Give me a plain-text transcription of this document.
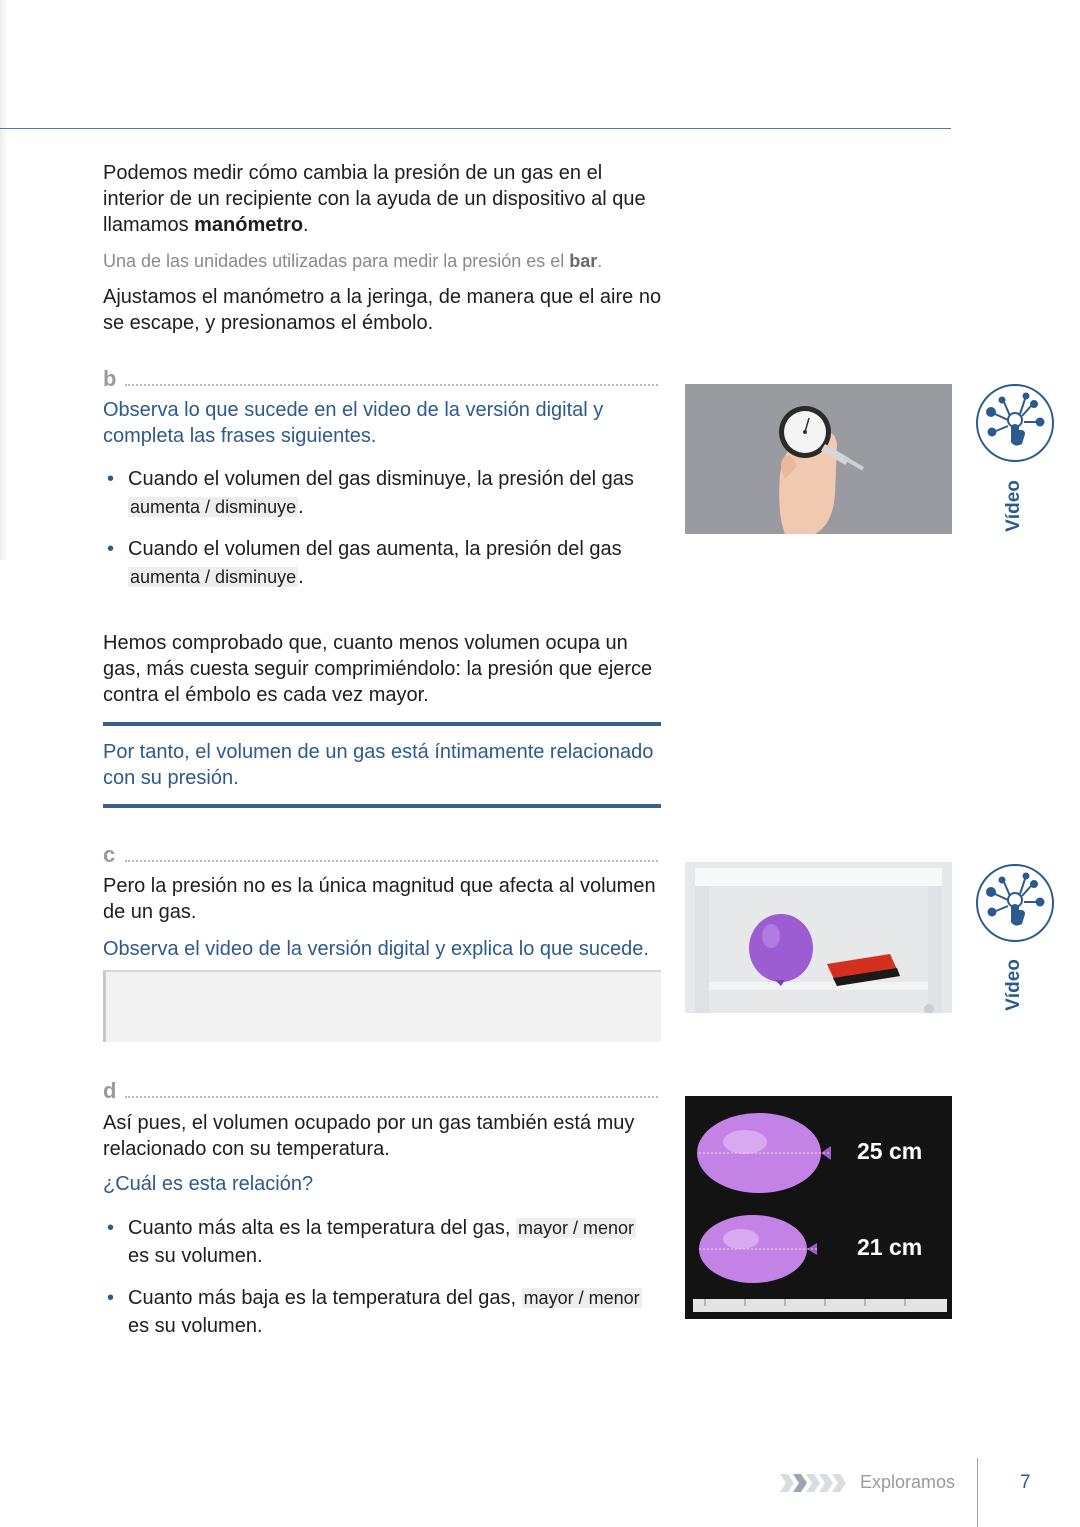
Podemos medir cómo cambia la presión de un gas en el interior de un recipiente con la ayuda de un dispositivo al que llamamos manómetro.

Una de las unidades utilizadas para medir la presión es el bar.

Ajustamos el manómetro a la jeringa, de manera que el aire no se escape, y presionamos el émbolo.

b

Observa lo que sucede en el video de la versión digital y completa las frases siguientes.

• Cuando el volumen del gas disminuye, la presión del gas
aumenta / disminuye .
• Cuando el volumen del gas aumenta, la presión del gas
aumenta / disminuye .
Vídeo

Hemos comprobado que, cuanto menos volumen ocupa un gas, más cuesta seguir comprimiéndolo: la presión que ejerce contra el émbolo es cada vez mayor.

Por tanto, el volumen de un gas está íntimamente relacionado con su presión.

c

Pero la presión no es la única magnitud que afecta al volumen de un gas.

Observa el video de la versión digital y explica lo que sucede.

Vídeo
d

Así pues, el volumen ocupado por un gas también está muy relacionado con su temperatura.

¿Cuál es esta relación?

• Cuanto más alta es la temperatura del gas, mayor / menor
es su volumen.
• Cuanto más baja es la temperatura del gas, mayor / menor
es su volumen.
25 cm
21 cm
Exploramos	7
